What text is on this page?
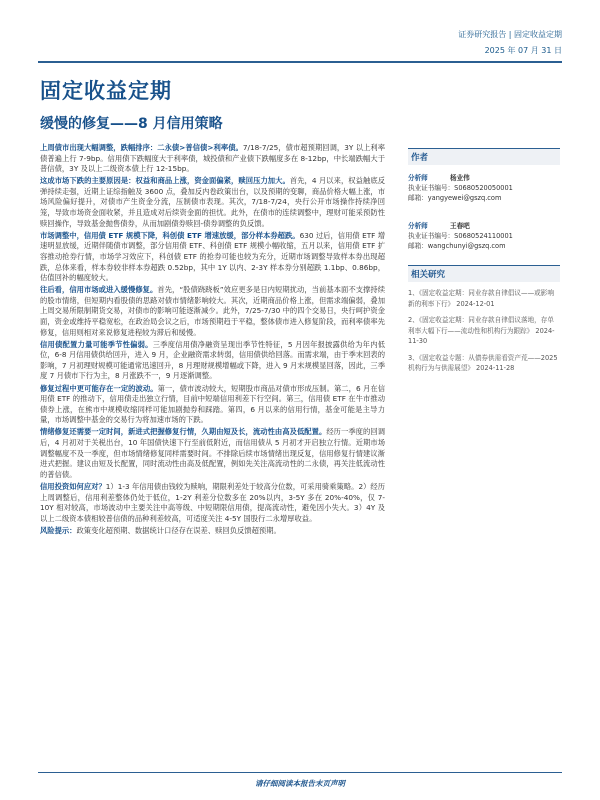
证券研究报告 | 固定收益定期
2025 年 07 月 31 日
固定收益定期
缓慢的修复——8 月信用策略

上周债市出现大幅调整，跌幅排序：二永债>普信债>利率债。7/18-7/25，债市超预期回调，3Y 以上利率债普遍上行 7-9bp。信用债下跌幅度大于利率债，城投债和产业债下跌幅度多在 8-12bp，中长端跌幅大于普信债，3Y 及以上二级资本债上行 12-15bp。

这成市场下跌的主要原因是：权益和商品上涨，资金面偏紧，赎回压力加大。首先，4 月以来，权益触底反弹持续走强，近期上证综指触及 3600 点，叠加反内卷政策出台，以及预期的变聊，商品价格大幅上涨，市场风险偏好提升，对债市产生资金分流，压制债市表现。其次，7/18-7/24，央行公开市场操作持续净回笼，导致市场资金面收紧，并且造成对后续资金面的担忧。此外，在债市的连续调整中，理财可能采预防性赎回操作，导致基金抛售债券，从而加剧债券赎回-债券调整的负反馈。

市场调整中，信用债 ETF 规模下降，科创债 ETF 增速放缓，部分样本券超跌。630 过后，信用债 ETF 增速明显放缓，近期伴随债市调整，部分信用债 ETF、科创债 ETF 规模小幅收缩，五月以来，信用债 ETF 扩容推动抢券行情，市场学习效应下，科创债 ETF 的抢券可能也较为充分，近期市场调整导致样本券出现超跌，总体来看，样本券较非样本券超跌 0.52bp，其中 1Y 以内、2-3Y 样本券分别超跌 1.1bp、0.86bp，估值回补的幅度较大。

往后看，信用市场或进入缓慢修复。首先，“股债跷跷板”效应更多是日内短期扰动，当前基本面不支撑持续的股市情绪，但短期内看股债的思路对债市情绪影响较大。其次，近期商品价格上涨，但需求端偏弱，叠加上周交易所限制期货交易，对债市的影响可能逐渐减少。此外，7/25-7/30 中的四个交易日，央行呵护资金面，资金或维持平稳宽松，在政治局会议之后，市场预期趋于平稳，整体债市进入修复阶段，而利率债率先修复，信用则相对来说修复进程较为滞后和缓慢。

信用债配置力量可能季节性偏弱。三季度信用债净融资呈现出季节性特征，5 月因年报披露供给为年内低位，6-8 月信用债供给回升，进入 9 月，企业融资需求转弱，信用债供给回落。而需求端，由于季末回表的影响，7 月初理财规模可能通常迅速回升，8 月理财规模增幅或下降，进入 9 月末规模显回落，因此，三季度 7 月债市下行为主，8 月涨跌不一，9 月逐渐调整。

修复过程中更可能存在一定的波动。第一，债市波动较大，短期股市商品对债市形成压制。第二，6 月在信用债 ETF 的推动下，信用债走出独立行情，目前中短端信用利差下行空间。第三，信用债 ETF 在牛市推动债券上涨，在熊市中规模收缩同样可能加剧抛券和踩踏。第四，6 月以来的信用行情，基金可能是主导力量，市场调整中基金的交易行为将加速市场的下跌。

情绪修复还需要一定时间，新进式把握修复行情，久期由短及长，流动性由高及低配置。经历一季度的回调后，4 月初对于关税出台，10 年国债快速下行至前低附近，而信用债从 5 月初才开启独立行情。近期市场调整幅度不及一季度，但市场情绪修复同样需要时间。不排除后续市场情绪出现反复，信用修复行情建议渐进式把握。建议由短及长配置，同时流动性由高及低配置，例如先关注高流动性的二永债，再关注低流动性的普信债。

信用投资如何应对？1）1-3 年信用债由钱较为赎响，期限利差处于较高分位数，可采用骑乘策略。2）经历上周调整后，信用利差整体仍处于低位，1-2Y 利差分位数多在 20%以内，3-5Y 多在 20%-40%，仅 7-10Y 相对较高，市场波动中主要关注中高等级、中短期限信用债，提高流动性，避免因小失大。3）4Y 及以上二级资本债相较普信债的品种利差较高，可适度关注 4-5Y 国股行二永增厚收益。

风险提示：政策变化超预期、数据统计口径存在误差、赎回负反馈超预期。

作者
分析师	杨业伟
执业证书编号：S0680520050001
邮箱：yangyewei@gszq.com
分析师	王春吧
执业证书编号：S0680524110001
邮箱：wangchunyi@gszq.com
相关研究
1、《固定收益定期：同业存款自律倡议——或影响新的利率下行》 2024-12-01
2、《固定收益定期：同业存款自律倡议落地，存单利率大幅下行——流动性和机构行为跟踪》 2024-11-30
3、《固定收益专题：从债券供需看资产荒——2025 机构行为与供需展望》 2024-11-28
请仔细阅读本报告末页声明
